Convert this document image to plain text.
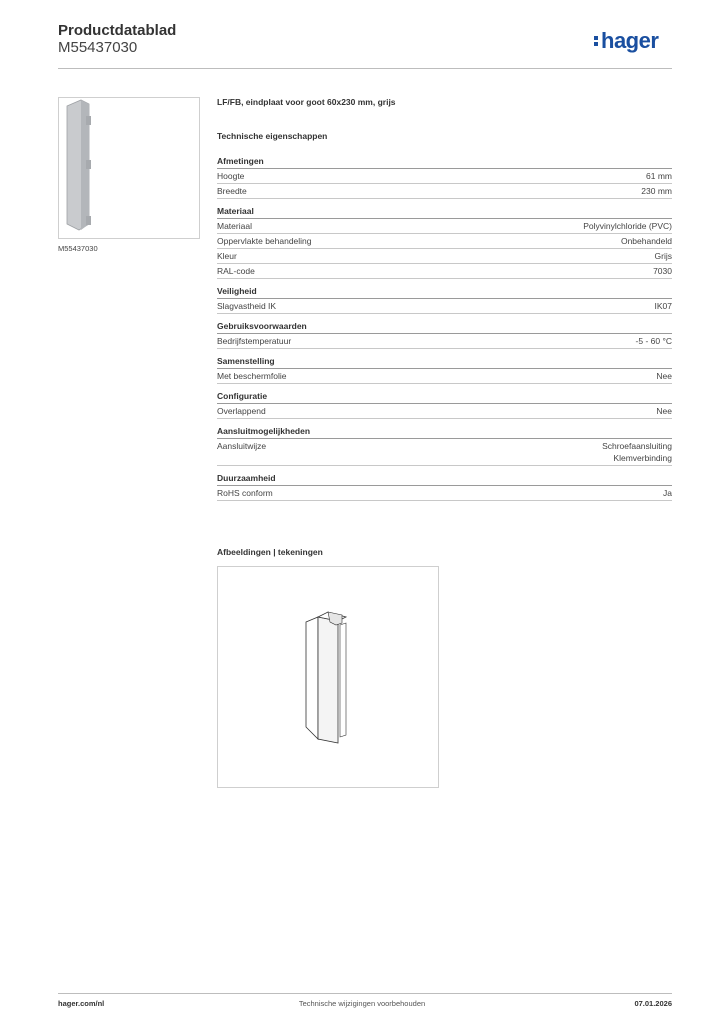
Productdatablad
M55437030	hager
M55437030
LF/FB, eindplaat voor goot 60x230 mm, grijs
Technische eigenschappen
Afmetingen
Hoogte	61 mm
Breedte	230 mm
Materiaal
Materiaal	Polyvinylchloride (PVC)
Oppervlakte behandeling	Onbehandeld
Kleur	Grijs
RAL-code	7030
Veiligheid
Slagvastheid IK	IK07
Gebruiksvoorwaarden
Bedrijfstemperatuur	-5 - 60 °C
Samenstelling
Met beschermfolie	Nee
Configuratie
Overlappend	Nee
Aansluitmogelijkheden
Aansluitwijze	Schroefaansluiting
Klemverbinding
Duurzaamheid
RoHS conform	Ja
Afbeeldingen | tekeningen
hager.com/nl	Technische wijzigingen voorbehouden	07.01.2026
